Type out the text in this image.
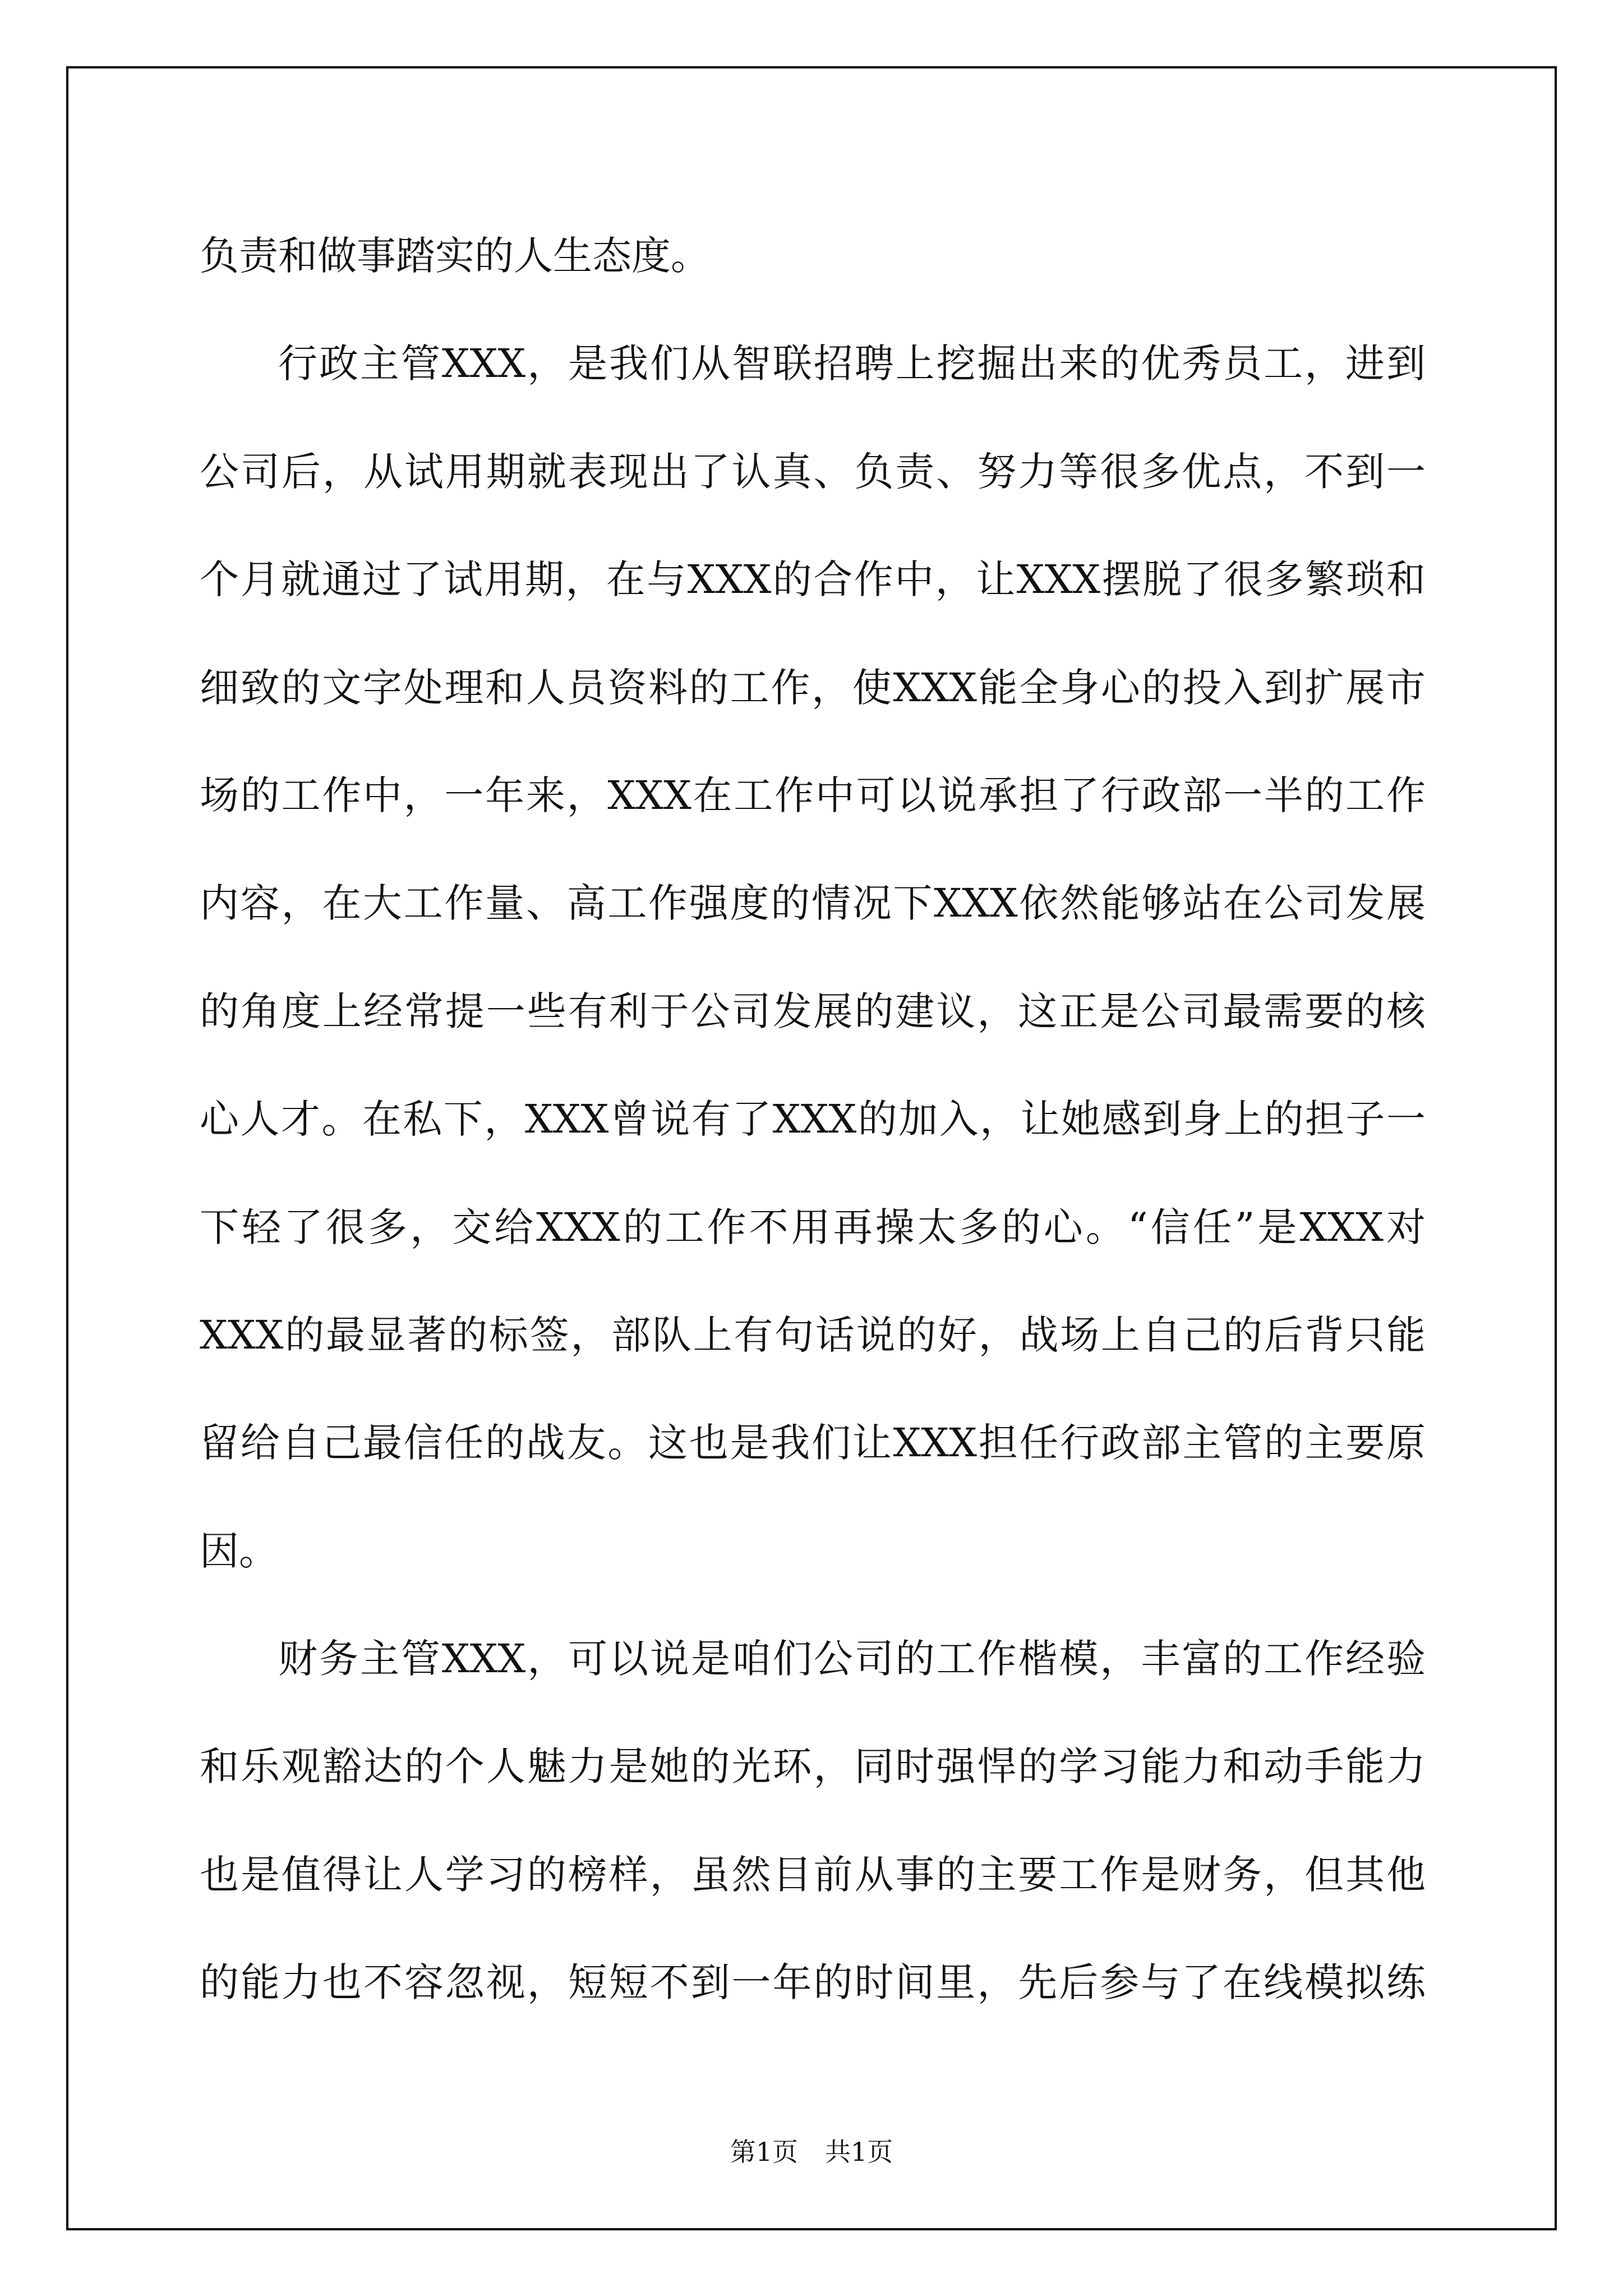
负责和做事踏实的人生态度。
行政主管XXX，是我们从智联招聘上挖掘出来的优秀员工，进到
公司后，从试用期就表现出了认真、负责、努力等很多优点，不到一
个月就通过了试用期，在与XXX的合作中，让XXX摆脱了很多繁琐和
细致的文字处理和人员资料的工作，使XXX能全身心的投入到扩展市
场的工作中，一年来，XXX在工作中可以说承担了行政部一半的工作
内容，在大工作量、高工作强度的情况下XXX依然能够站在公司发展
的角度上经常提一些有利于公司发展的建议，这正是公司最需要的核
心人才。在私下，XXX曾说有了XXX的加入，让她感到身上的担子一
下轻了很多，交给XXX的工作不用再操太多的心。“信任”是XXX对
XXX的最显著的标签，部队上有句话说的好，战场上自己的后背只能
留给自己最信任的战友。这也是我们让XXX担任行政部主管的主要原
因。
财务主管XXX，可以说是咱们公司的工作楷模，丰富的工作经验
和乐观豁达的个人魅力是她的光环，同时强悍的学习能力和动手能力
也是值得让人学习的榜样，虽然目前从事的主要工作是财务，但其他
的能力也不容忽视，短短不到一年的时间里，先后参与了在线模拟练
第1页 共1页
